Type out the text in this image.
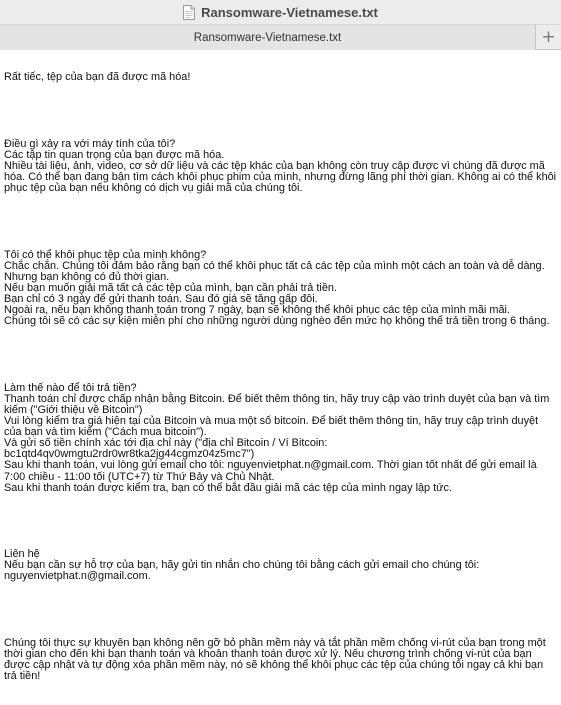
Ransomware-Vietnamese.txt
Ransomware-Vietnamese.txt	+

Rất tiếc, tệp của bạn đã được mã hóa!

Điều gì xảy ra với máy tính của tôi?
Các tập tin quan trọng của bạn được mã hóa.
Nhiều tài liệu, ảnh, video, cơ sở dữ liệu và các tệp khác của bạn không còn truy cập được vì chúng đã được mã hóa. Có thể bạn đang bận tìm cách khôi phục phim của mình, nhưng đừng lãng phí thời gian. Không ai có thể khôi phục tệp của bạn nếu không có dịch vụ giải mã của chúng tôi.

Tôi có thể khôi phục tệp của mình không?
Chắc chắn. Chúng tôi đảm bảo rằng bạn có thể khôi phục tất cả các tệp của mình một cách an toàn và dễ dàng. Nhưng bạn không có đủ thời gian.
Nếu bạn muốn giải mã tất cả các tệp của mình, bạn cần phải trả tiền.
Bạn chỉ có 3 ngày để gửi thanh toán. Sau đó giá sẽ tăng gấp đôi.
Ngoài ra, nếu bạn không thanh toán trong 7 ngày, bạn sẽ không thể khôi phục các tệp của mình mãi mãi.
Chúng tôi sẽ có các sự kiện miễn phí cho những người dùng nghèo đến mức họ không thể trả tiền trong 6 tháng.

Làm thế nào để tôi trả tiền?
Thanh toán chỉ được chấp nhận bằng Bitcoin. Để biết thêm thông tin, hãy truy cập vào trình duyệt của bạn và tìm kiếm ("Giới thiệu về Bitcoin")
Vui lòng kiểm tra giá hiện tại của Bitcoin và mua một số bitcoin. Để biết thêm thông tin, hãy truy cập trình duyệt của bạn và tìm kiếm ("Cách mua bitcoin").
Và gửi số tiền chính xác tới địa chỉ này ("địa chỉ Bitcoin / Ví Bitcoin:
bc1qtd4qv0wmgtu2rdr0wr8tka2jg44cgmz04z5mc7")
Sau khi thanh toán, vui lòng gửi email cho tôi: nguyenvietphat.n@gmail.com. Thời gian tốt nhất để gửi email là 7:00 chiều - 11:00 tối (UTC+7) từ Thứ Bảy và Chủ Nhật.
Sau khi thanh toán được kiểm tra, bạn có thể bắt đầu giải mã các tệp của mình ngay lập tức.

Liên hệ
Nếu bạn cần sự hỗ trợ của bạn, hãy gửi tin nhắn cho chúng tôi bằng cách gửi email cho chúng tôi:
nguyenvietphat.n@gmail.com.

Chúng tôi thực sự khuyên bạn không nên gỡ bỏ phần mềm này và tắt phần mềm chống vi-rút của bạn trong một thời gian cho đến khi bạn thanh toán và khoản thanh toán được xử lý. Nếu chương trình chống vi-rút của bạn được cập nhật và tự động xóa phần mềm này, nó sẽ không thể khôi phục các tệp của chúng tôi ngay cả khi bạn trả tiền!
